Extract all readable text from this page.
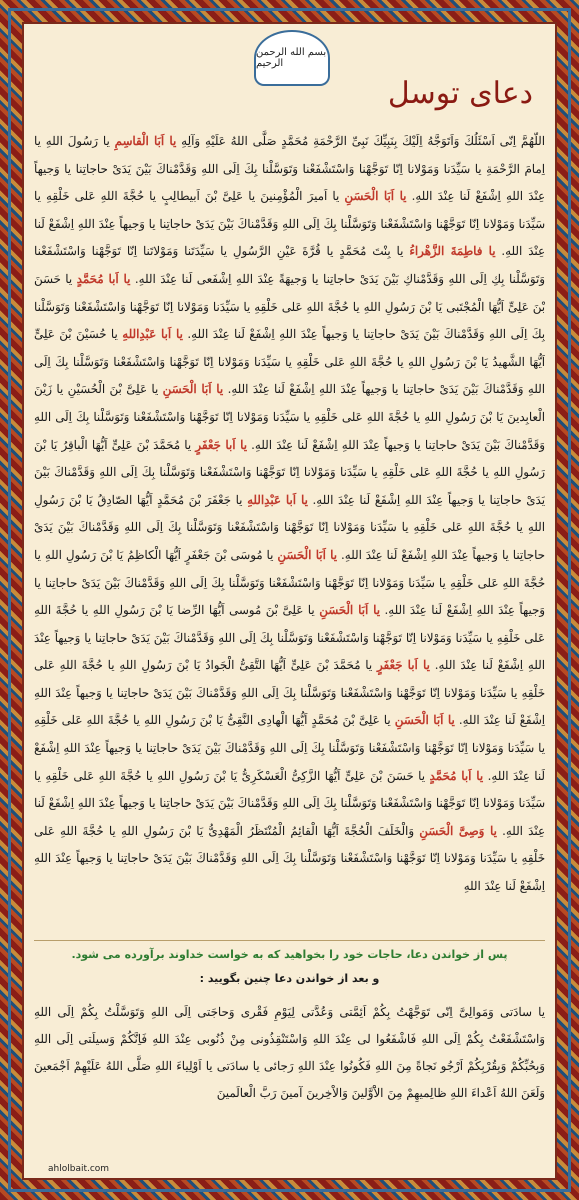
بسم الله الرحمن الرحیم
دعای توسل
اللّهُمَّ اِنّى اَسْئَلُكَ وَاَتَوَجَّهُ اِلَيْكَ بِنَبِيِّكَ نَبِىِّ الرَّحْمَةِ مُحَمَّدٍ صَلَّى اللهُ عَلَيْهِ وَآلِهِ يا اَبَا الْقاسِمِ يا رَسُولَ اللهِ يا اِمامَ الرَّحْمَةِ يا سَيِّدَنا وَمَوْلانا اِنّا تَوَجَّهْنا وَاسْتَشْفَعْنا وَتَوَسَّلْنا بِكَ اِلَى اللهِ وَقَدَّمْناكَ بَيْنَ يَدَىْ حاجاتِنا يا وَجيهاً عِنْدَ اللهِ اِشْفَعْ لَنا عِنْدَ اللهِ. يا اَبَا الْحَسَنِ يا اَميرَ الْمُؤْمِنينَ يا عَلِىَّ بْنَ اَبيطالِبٍ يا حُجَّةَ اللهِ عَلى خَلْقِهِ يا سَيِّدَنا وَمَوْلانا اِنّا تَوَجَّهْنا وَاسْتَشْفَعْنا وَتَوَسَّلْنا بِكَ اِلَى اللهِ وَقَدَّمْناكَ بَيْنَ يَدَىْ حاجاتِنا يا وَجيهاً عِنْدَ اللهِ اِشْفَعْ لَنا عِنْدَ اللهِ. يا فاطِمَةَ الزَّهْراءُ يا بِنْتَ مُحَمَّدٍ يا قُرَّةَ عَيْنِ الرَّسُولِ يا سَيِّدَتَنا وَمَوْلاتَنا اِنّا تَوَجَّهْنا وَاسْتَشْفَعْنا وَتَوَسَّلْنا بِكِ اِلَى اللهِ وَقَدَّمْناكِ بَيْنَ يَدَىْ حاجاتِنا يا وَجيهَةً عِنْدَ اللهِ اِشْفَعى لَنا عِنْدَ اللهِ. يا اَبا مُحَمَّدٍ يا حَسَنَ بْنَ عَلِىٍّ اَيُّهَا الْمُجْتَبى يَا بْنَ رَسُولِ اللهِ يا حُجَّةَ اللهِ عَلى خَلْقِهِ يا سَيِّدَنا وَمَوْلانا اِنّا تَوَجَّهْنا وَاسْتَشْفَعْنا وَتَوَسَّلْنا بِكَ اِلَى اللهِ وَقَدَّمْناكَ بَيْنَ يَدَىْ حاجاتِنا يا وَجيهاً عِنْدَ اللهِ اِشْفَعْ لَنا عِنْدَ اللهِ. يا اَبا عَبْدِاللهِ يا حُسَيْنَ بْنَ عَلِىٍّ اَيُّهَا الشَّهيدُ يَا بْنَ رَسُولِ اللهِ يا حُجَّةَ اللهِ عَلى خَلْقِهِ يا سَيِّدَنا وَمَوْلانا اِنّا تَوَجَّهْنا وَاسْتَشْفَعْنا وَتَوَسَّلْنا بِكَ اِلَى اللهِ وَقَدَّمْناكَ بَيْنَ يَدَىْ حاجاتِنا يا وَجيهاً عِنْدَ اللهِ اِشْفَعْ لَنا عِنْدَ اللهِ. يا اَبَا الْحَسَنِ يا عَلِىَّ بْنَ الْحُسَيْنِ يا زَيْنَ الْعابِدينَ يَا بْنَ رَسُولِ اللهِ يا حُجَّةَ اللهِ عَلى خَلْقِهِ يا سَيِّدَنا وَمَوْلانا اِنّا تَوَجَّهْنا وَاسْتَشْفَعْنا وَتَوَسَّلْنا بِكَ اِلَى اللهِ وَقَدَّمْناكَ بَيْنَ يَدَىْ حاجاتِنا يا وَجيهاً عِنْدَ اللهِ اِشْفَعْ لَنا عِنْدَ اللهِ. يا اَبا جَعْفَرٍ يا مُحَمَّدَ بْنَ عَلِىٍّ اَيُّهَا الْباقِرُ يَا بْنَ رَسُولِ اللهِ يا حُجَّةَ اللهِ عَلى خَلْقِهِ يا سَيِّدَنا وَمَوْلانا اِنّا تَوَجَّهْنا وَاسْتَشْفَعْنا وَتَوَسَّلْنا بِكَ اِلَى اللهِ وَقَدَّمْناكَ بَيْنَ يَدَىْ حاجاتِنا يا وَجيهاً عِنْدَ اللهِ اِشْفَعْ لَنا عِنْدَ اللهِ. يا اَبا عَبْدِاللهِ يا جَعْفَرَ بْنَ مُحَمَّدٍ اَيُّهَا الصّادِقُ يَا بْنَ رَسُولِ اللهِ يا حُجَّةَ اللهِ عَلى خَلْقِهِ يا سَيِّدَنا وَمَوْلانا اِنّا تَوَجَّهْنا وَاسْتَشْفَعْنا وَتَوَسَّلْنا بِكَ اِلَى اللهِ وَقَدَّمْناكَ بَيْنَ يَدَىْ حاجاتِنا يا وَجيهاً عِنْدَ اللهِ اِشْفَعْ لَنا عِنْدَ اللهِ. يا اَبَا الْحَسَنِ يا مُوسَى بْنَ جَعْفَرٍ اَيُّهَا الْكاظِمُ يَا بْنَ رَسُولِ اللهِ يا حُجَّةَ اللهِ عَلى خَلْقِهِ يا سَيِّدَنا وَمَوْلانا اِنّا تَوَجَّهْنا وَاسْتَشْفَعْنا وَتَوَسَّلْنا بِكَ اِلَى اللهِ وَقَدَّمْناكَ بَيْنَ يَدَىْ حاجاتِنا يا وَجيهاً عِنْدَ اللهِ اِشْفَعْ لَنا عِنْدَ اللهِ. يا اَبَا الْحَسَنِ يا عَلِىَّ بْنَ مُوسى اَيُّهَا الرِّضا يَا بْنَ رَسُولِ اللهِ يا حُجَّةَ اللهِ عَلى خَلْقِهِ يا سَيِّدَنا وَمَوْلانا اِنّا تَوَجَّهْنا وَاسْتَشْفَعْنا وَتَوَسَّلْنا بِكَ اِلَى اللهِ وَقَدَّمْناكَ بَيْنَ يَدَىْ حاجاتِنا يا وَجيهاً عِنْدَ اللهِ اِشْفَعْ لَنا عِنْدَ اللهِ. يا اَبا جَعْفَرٍ يا مُحَمَّدَ بْنَ عَلِىٍّ اَيُّهَا التَّقِىُّ الْجَوادُ يَا بْنَ رَسُولِ اللهِ يا حُجَّةَ اللهِ عَلى خَلْقِهِ يا سَيِّدَنا وَمَوْلانا اِنّا تَوَجَّهْنا وَاسْتَشْفَعْنا وَتَوَسَّلْنا بِكَ اِلَى اللهِ وَقَدَّمْناكَ بَيْنَ يَدَىْ حاجاتِنا يا وَجيهاً عِنْدَ اللهِ اِشْفَعْ لَنا عِنْدَ اللهِ. يا اَبَا الْحَسَنِ يا عَلِىَّ بْنَ مُحَمَّدٍ اَيُّهَا الْهادِى النَّقِىُّ يَا بْنَ رَسُولِ اللهِ يا حُجَّةَ اللهِ عَلى خَلْقِهِ يا سَيِّدَنا وَمَوْلانا اِنّا تَوَجَّهْنا وَاسْتَشْفَعْنا وَتَوَسَّلْنا بِكَ اِلَى اللهِ وَقَدَّمْناكَ بَيْنَ يَدَىْ حاجاتِنا يا وَجيهاً عِنْدَ اللهِ اِشْفَعْ لَنا عِنْدَ اللهِ. يا اَبا مُحَمَّدٍ يا حَسَنَ بْنَ عَلِىٍّ اَيُّهَا الزَّكِىُّ الْعَسْكَرِىُّ يَا بْنَ رَسُولِ اللهِ يا حُجَّةَ اللهِ عَلى خَلْقِهِ يا سَيِّدَنا وَمَوْلانا اِنّا تَوَجَّهْنا وَاسْتَشْفَعْنا وَتَوَسَّلْنا بِكَ اِلَى اللهِ وَقَدَّمْناكَ بَيْنَ يَدَىْ حاجاتِنا يا وَجيهاً عِنْدَ اللهِ اِشْفَعْ لَنا عِنْدَ اللهِ. يا وَصِىَّ الْحَسَنِ وَالْخَلَفَ الْحُجَّةَ اَيُّهَا الْقائِمُ الْمُنْتَظَرُ الْمَهْدِىُّ يَا بْنَ رَسُولِ اللهِ يا حُجَّةَ اللهِ عَلى خَلْقِهِ يا سَيِّدَنا وَمَوْلانا اِنّا تَوَجَّهْنا وَاسْتَشْفَعْنا وَتَوَسَّلْنا بِكَ اِلَى اللهِ وَقَدَّمْناكَ بَيْنَ يَدَىْ حاجاتِنا يا وَجيهاً عِنْدَ اللهِ اِشْفَعْ لَنا عِنْدَ اللهِ
پس از خواندن دعا، حاجات خود را بخواهید که به خواست خداوند برآورده می شود.
و بعد از خواندن دعا چنین بگویید :
يا سادَتى وَمَوالِىَّ اِنّى تَوَجَّهْتُ بِكُمْ اَئِمَّتى وَعُدَّتى لِيَوْمِ فَقْرى وَحاجَتى اِلَى اللهِ وَتَوَسَّلْتُ بِكُمْ اِلَى اللهِ وَاسْتَشْفَعْتُ بِكُمْ اِلَى اللهِ فَاشْفَعُوا لى عِنْدَ اللهِ وَاسْتَنْقِذُونى مِنْ ذُنُوبى عِنْدَ اللهِ فَاِنَّكُمْ وَسيلَتى اِلَى اللهِ وَبِحُبِّكُمْ وَبِقُرْبِكُمْ اَرْجُو نَجاةً مِنَ اللهِ فَكُونُوا عِنْدَ اللهِ رَجائى يا سادَتى يا اَوْلِياءَ اللهِ صَلَّى اللهُ عَلَيْهِمْ اَجْمَعينَ وَلَعَنَ اللهُ اَعْداءَ اللهِ ظالِميهِمْ مِنَ الاَْوَّلينَ وَالاْخِرينَ آمينَ رَبَّ الْعالَمينَ
ahlolbait.com
